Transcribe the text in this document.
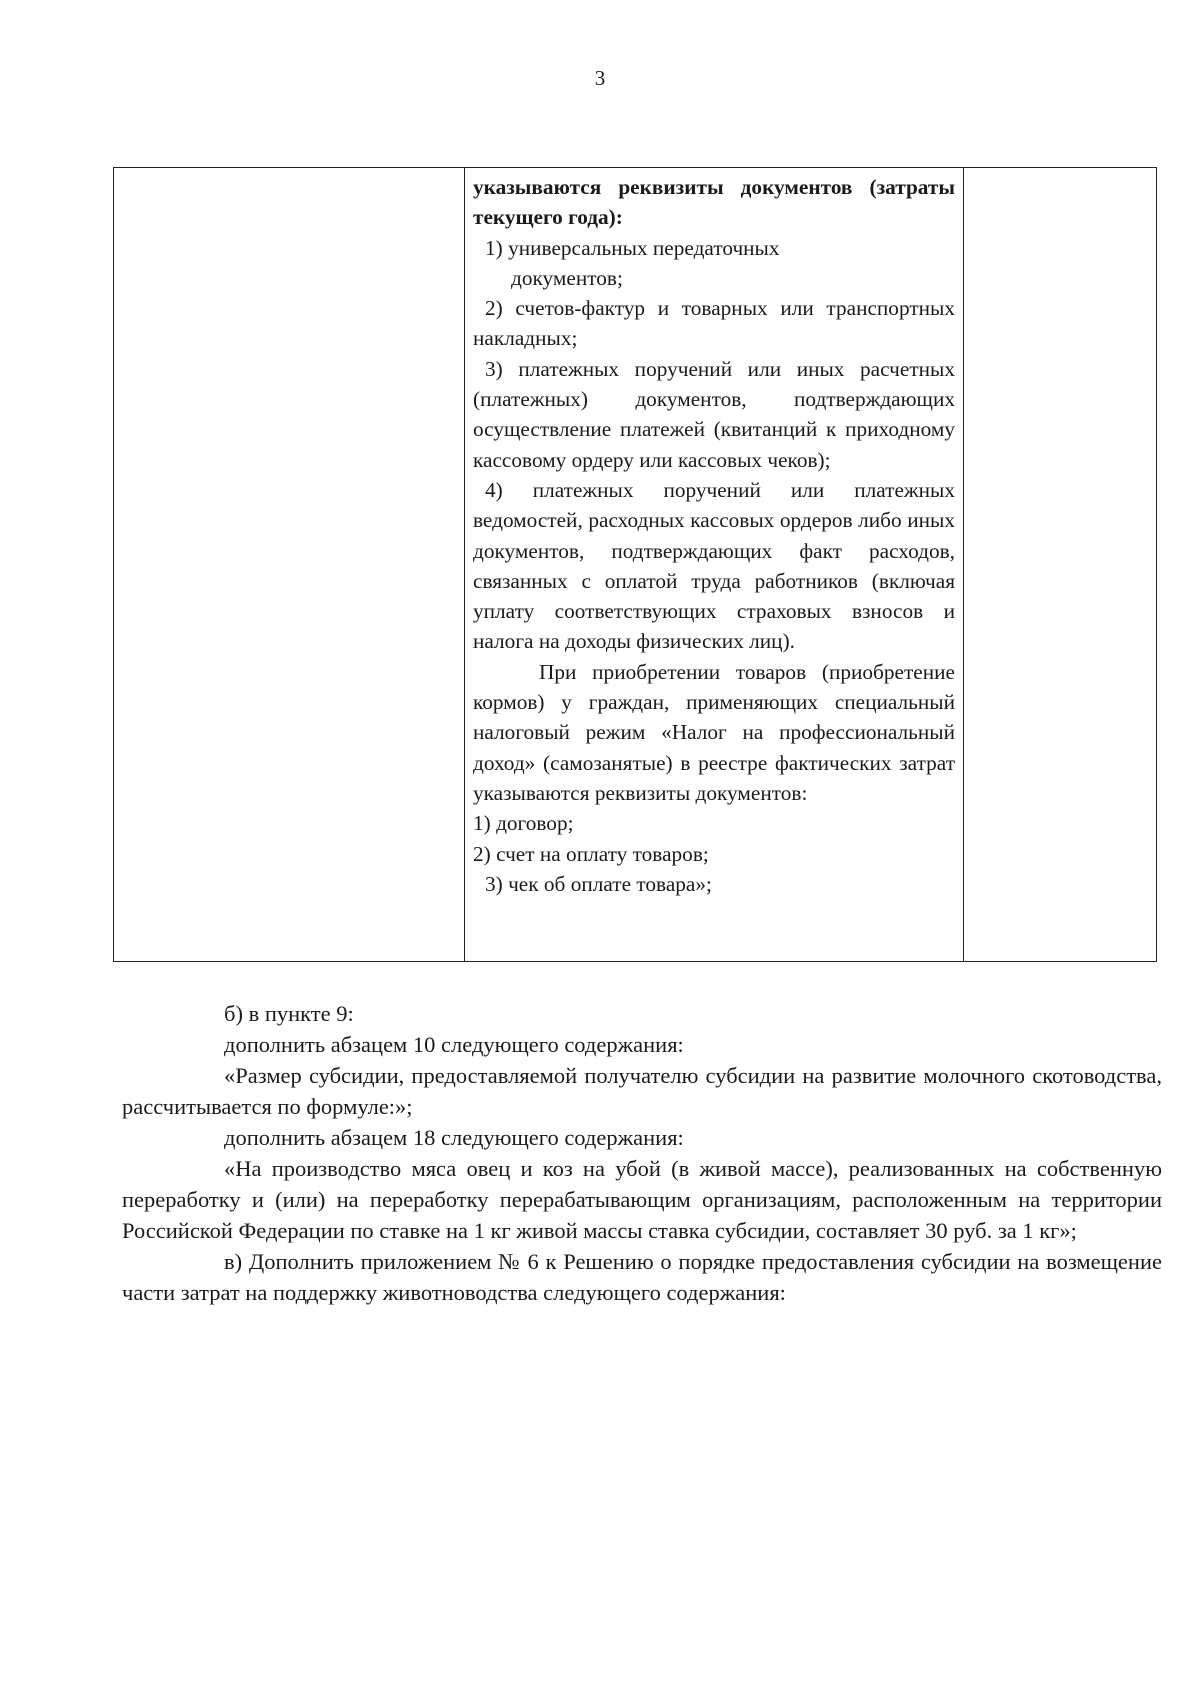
3

указываются реквизиты документов (затраты текущего года):

1) универсальных передаточных

документов;

2) счетов-фактур и товарных или транспортных накладных;

3) платежных поручений или иных расчетных (платежных) документов, подтверждающих осуществление платежей (квитанций к приходному кассовому ордеру или кассовых чеков);

4) платежных поручений или платежных ведомостей, расходных кассовых ордеров либо иных документов, подтверждающих факт расходов, связанных с оплатой труда работников (включая уплату соответствующих страховых взносов и налога на доходы физических лиц).

При приобретении товаров (приобретение кормов) у граждан, применяющих специальный налоговый режим «Налог на профессиональный доход» (самозанятые) в реестре фактических затрат указываются реквизиты документов:

1) договор;

2) счет на оплату товаров;

3) чек об оплате товара»;

б) в пункте 9:

дополнить абзацем 10 следующего содержания:

«Размер субсидии, предоставляемой получателю субсидии на развитие молочного скотоводства, рассчитывается по формуле:»;

дополнить абзацем 18 следующего содержания:

«На производство мяса овец и коз на убой (в живой массе), реализованных на собственную переработку и (или) на переработку перерабатывающим организациям, расположенным на территории Российской Федерации по ставке на 1 кг живой массы ставка субсидии, составляет 30 руб. за 1 кг»;

в) Дополнить приложением № 6 к Решению о порядке предоставления субсидии на возмещение части затрат на поддержку животноводства следующего содержания:
